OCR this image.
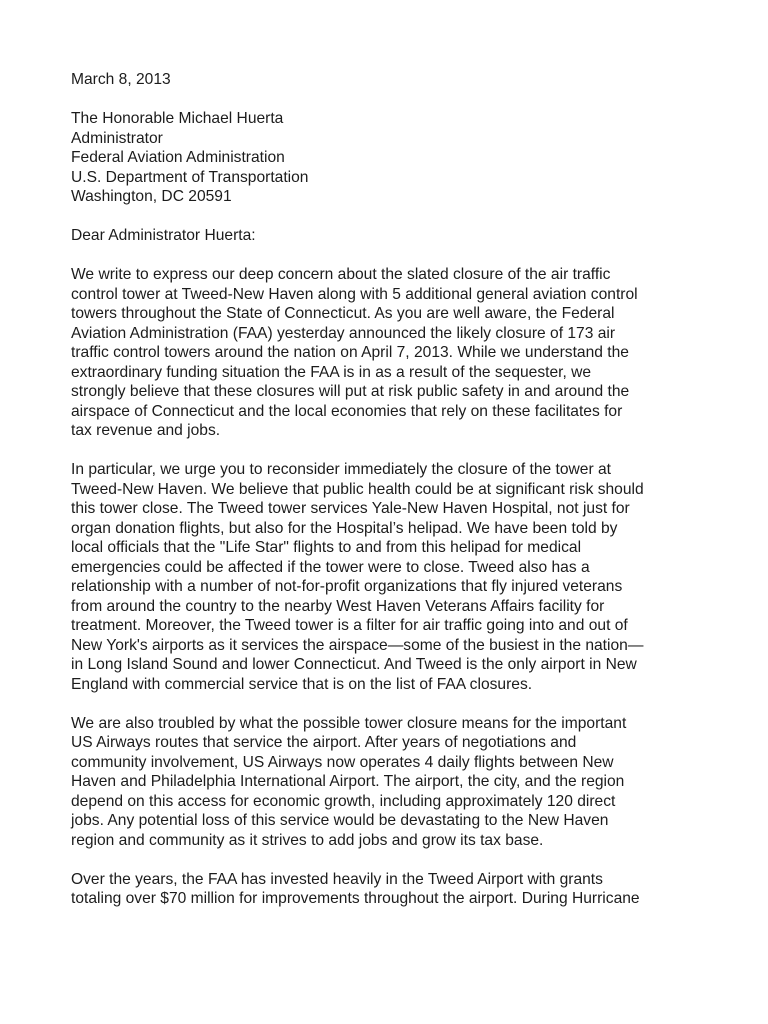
March 8, 2013
The Honorable Michael Huerta
Administrator
Federal Aviation Administration
U.S. Department of Transportation
Washington, DC 20591
Dear Administrator Huerta:
We write to express our deep concern about the slated closure of the air traffic
control tower at Tweed-New Haven along with 5 additional general aviation control
towers throughout the State of Connecticut. As you are well aware, the Federal
Aviation Administration (FAA) yesterday announced the likely closure of 173 air
traffic control towers around the nation on April 7, 2013. While we understand the
extraordinary funding situation the FAA is in as a result of the sequester, we
strongly believe that these closures will put at risk public safety in and around the
airspace of Connecticut and the local economies that rely on these facilitates for
tax revenue and jobs.
In particular, we urge you to reconsider immediately the closure of the tower at
Tweed-New Haven. We believe that public health could be at significant risk should
this tower close. The Tweed tower services Yale-New Haven Hospital, not just for
organ donation flights, but also for the Hospital’s helipad. We have been told by
local officials that the "Life Star" flights to and from this helipad for medical
emergencies could be affected if the tower were to close. Tweed also has a
relationship with a number of not-for-profit organizations that fly injured veterans
from around the country to the nearby West Haven Veterans Affairs facility for
treatment. Moreover, the Tweed tower is a filter for air traffic going into and out of
New York's airports as it services the airspace—some of the busiest in the nation—
in Long Island Sound and lower Connecticut. And Tweed is the only airport in New
England with commercial service that is on the list of FAA closures.
We are also troubled by what the possible tower closure means for the important
US Airways routes that service the airport. After years of negotiations and
community involvement, US Airways now operates 4 daily flights between New
Haven and Philadelphia International Airport. The airport, the city, and the region
depend on this access for economic growth, including approximately 120 direct
jobs. Any potential loss of this service would be devastating to the New Haven
region and community as it strives to add jobs and grow its tax base.
Over the years, the FAA has invested heavily in the Tweed Airport with grants
totaling over $70 million for improvements throughout the airport. During Hurricane
